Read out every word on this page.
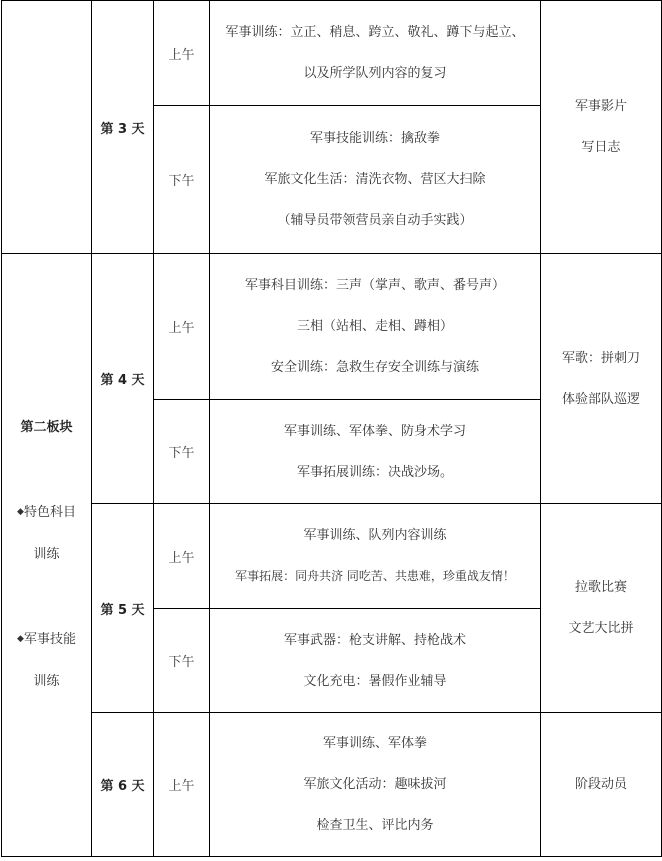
	第 3 天	上午	军事训练：立正、稍息、跨立、敬礼、蹲下与起立、
以及所学队列内容的复习	军事影片
写日志

		下午	军事技能训练：擒敌拳
军旅文化生活：清洗衣物、营区大扫除
（辅导员带领营员亲自动手实践）	

第二板块
◆特色科目
训练
◆军事技能
训练	第 4 天	上午	军事科目训练：三声（掌声、歌声、番号声）
三相（站相、走相、蹲相）
安全训练：急救生存安全训练与演练	军歌：拼刺刀
体验部队巡逻

		下午	军事训练、军体拳、防身术学习
军事拓展训练：决战沙场。	

	第 5 天	上午	军事训练、队列内容训练
军事拓展：同舟共济 同吃苦、共患难，珍重战友情！	拉歌比赛
文艺大比拼

		下午	军事武器：枪支讲解、持枪战术
文化充电：暑假作业辅导	

	第 6 天	上午	军事训练、军体拳
军旅文化活动：趣味拔河
检查卫生、评比内务	阶段动员
